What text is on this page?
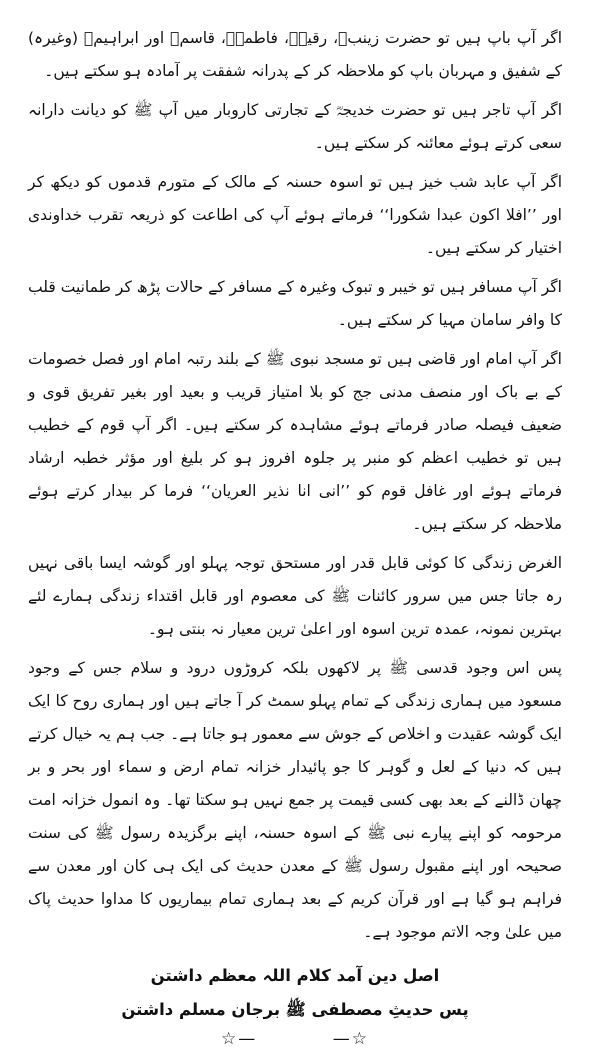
اگر آپ باپ ہیں تو حضرت زینبؓ، رقیہؓ، فاطمہؓ، قاسمؓ اور ابراہیمؓ (وغیرہ) کے شفیق و مہربان باپ کو ملاحظہ کر کے پدرانہ شفقت پر آمادہ ہو سکتے ہیں۔

اگر آپ تاجر ہیں تو حضرت خدیجہؓ کے تجارتی کاروبار میں آپ ﷺ کو دیانت دارانہ سعی کرتے ہوئے معائنہ کر سکتے ہیں۔

اگر آپ عابد شب خیز ہیں تو اسوہ حسنہ کے مالک کے متورم قدموں کو دیکھ کر اور ’’افلا اکون عبدا شکورا‘‘ فرماتے ہوئے آپ کی اطاعت کو ذریعہ تقرب خداوندی اختیار کر سکتے ہیں۔

اگر آپ مسافر ہیں تو خیبر و تبوک وغیرہ کے مسافر کے حالات پڑھ کر طمانیت قلب کا وافر سامان مہیا کر سکتے ہیں۔

اگر آپ امام اور قاضی ہیں تو مسجد نبوی ﷺ کے بلند رتبہ امام اور فصل خصومات کے بے باک اور منصف مدنی جج کو بلا امتیاز قریب و بعید اور بغیر تفریق قوی و ضعیف فیصلہ صادر فرماتے ہوئے مشاہدہ کر سکتے ہیں۔ اگر آپ قوم کے خطیب ہیں تو خطیب اعظم کو منبر پر جلوہ افروز ہو کر بلیغ اور مؤثر خطبہ ارشاد فرماتے ہوئے اور غافل قوم کو ’’انی انا نذیر العریان‘‘ فرما کر بیدار کرتے ہوئے ملاحظہ کر سکتے ہیں۔

الغرض زندگی کا کوئی قابل قدر اور مستحق توجہ پہلو اور گوشہ ایسا باقی نہیں رہ جاتا جس میں سرور کائنات ﷺ کی معصوم اور قابل اقتداء زندگی ہمارے لئے بہترین نمونہ، عمدہ ترین اسوہ اور اعلیٰ ترین معیار نہ بنتی ہو۔

پس اس وجود قدسی ﷺ پر لاکھوں بلکہ کروڑوں درود و سلام جس کے وجود مسعود میں ہماری زندگی کے تمام پہلو سمٹ کر آ جاتے ہیں اور ہماری روح کا ایک ایک گوشہ عقیدت و اخلاص کے جوش سے معمور ہو جاتا ہے۔ جب ہم یہ خیال کرتے ہیں کہ دنیا کے لعل و گوہر کا جو پائیدار خزانہ تمام ارض و سماء اور بحر و بر چھان ڈالنے کے بعد بھی کسی قیمت پر جمع نہیں ہو سکتا تھا۔ وہ انمول خزانہ امت مرحومہ کو اپنے پیارے نبی ﷺ کے اسوہ حسنہ، اپنے برگزیدہ رسول ﷺ کی سنت صحیحہ اور اپنے مقبول رسول ﷺ کے معدن حدیث کی ایک ہی کان اور معدن سے فراہم ہو گیا ہے اور قرآن کریم کے بعد ہماری تمام بیماریوں کا مداوا حدیث پاک میں علیٰ وجہ الاتم موجود ہے۔

اصل دین آمد کلام اللہ معظم داشتن

پس حدیثِ مصطفی ﷺ برجان مسلم داشتن

☆—	—☆
